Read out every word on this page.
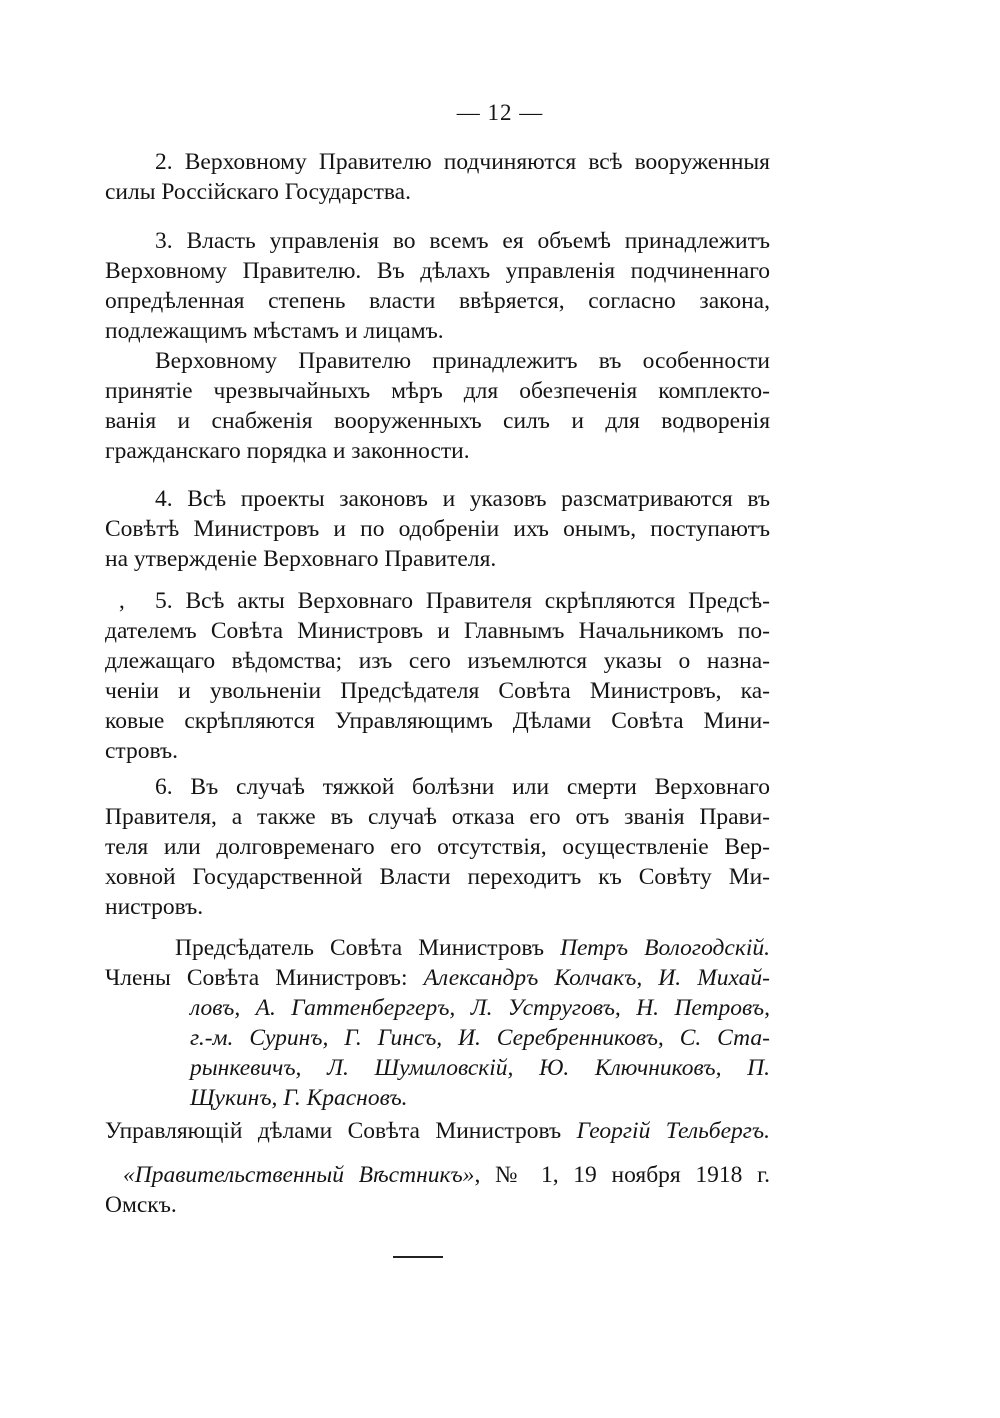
— 12 —
2. Верховному Правителю подчиняются всѣ вооруженныя
силы Россійскаго Государства.
3. Власть управленія во всемъ ея объемѣ принадлежитъ
Верховному Правителю. Въ дѣлахъ управленія подчиненнаго
опредѣленная степень власти ввѣряется, согласно закона,
подлежащимъ мѣстамъ и лицамъ.
Верховному Правителю принадлежитъ въ особенности
принятіе чрезвычайныхъ мѣръ для обезпеченія комплекто-
ванія и снабженія вооруженныхъ силъ и для водворенія
гражданскаго порядка и законности.
4. Всѣ проекты законовъ и указовъ разсматриваются въ
Совѣтѣ Министровъ и по одобреніи ихъ онымъ, поступаютъ
на утвержденіе Верховнаго Правителя.
,	5. Всѣ акты Верховнаго Правителя скрѣпляются Предсѣ-
дателемъ Совѣта Министровъ и Главнымъ Начальникомъ по-
длежащаго вѣдомства; изъ сего изъемлются указы о назна-
ченіи и увольненіи Предсѣдателя Совѣта Министровъ, ка-
ковые скрѣпляются Управляющимъ Дѣлами Совѣта Мини-
стровъ.
6. Въ случаѣ тяжкой болѣзни или смерти Верховнаго
Правителя, а также въ случаѣ отказа его отъ званія Прави-
теля или долговременаго его отсутствія, осуществленіе Вер-
ховной Государственной Власти переходитъ къ Совѣту Ми-
нистровъ.
Предсѣдатель Совѣта Министровъ Петръ Вологодскій.
Члены Совѣта Министровъ: Александръ Колчакъ, И. Михай-
ловъ, А. Гаттенбергеръ, Л. Уструговъ, Н. Петровъ,
г.-м. Суринъ, Г. Гинсъ, И. Серебренниковъ, С. Ста-
рынкевичъ, Л. Шумиловскій, Ю. Ключниковъ, П.
Щукинъ, Г. Красновъ.
Управляющій дѣлами Совѣта Министровъ Георгій Тельбергъ.
«Правительственный Вѣстникъ», № 1, 19 ноября 1918 г.
Омскъ.
